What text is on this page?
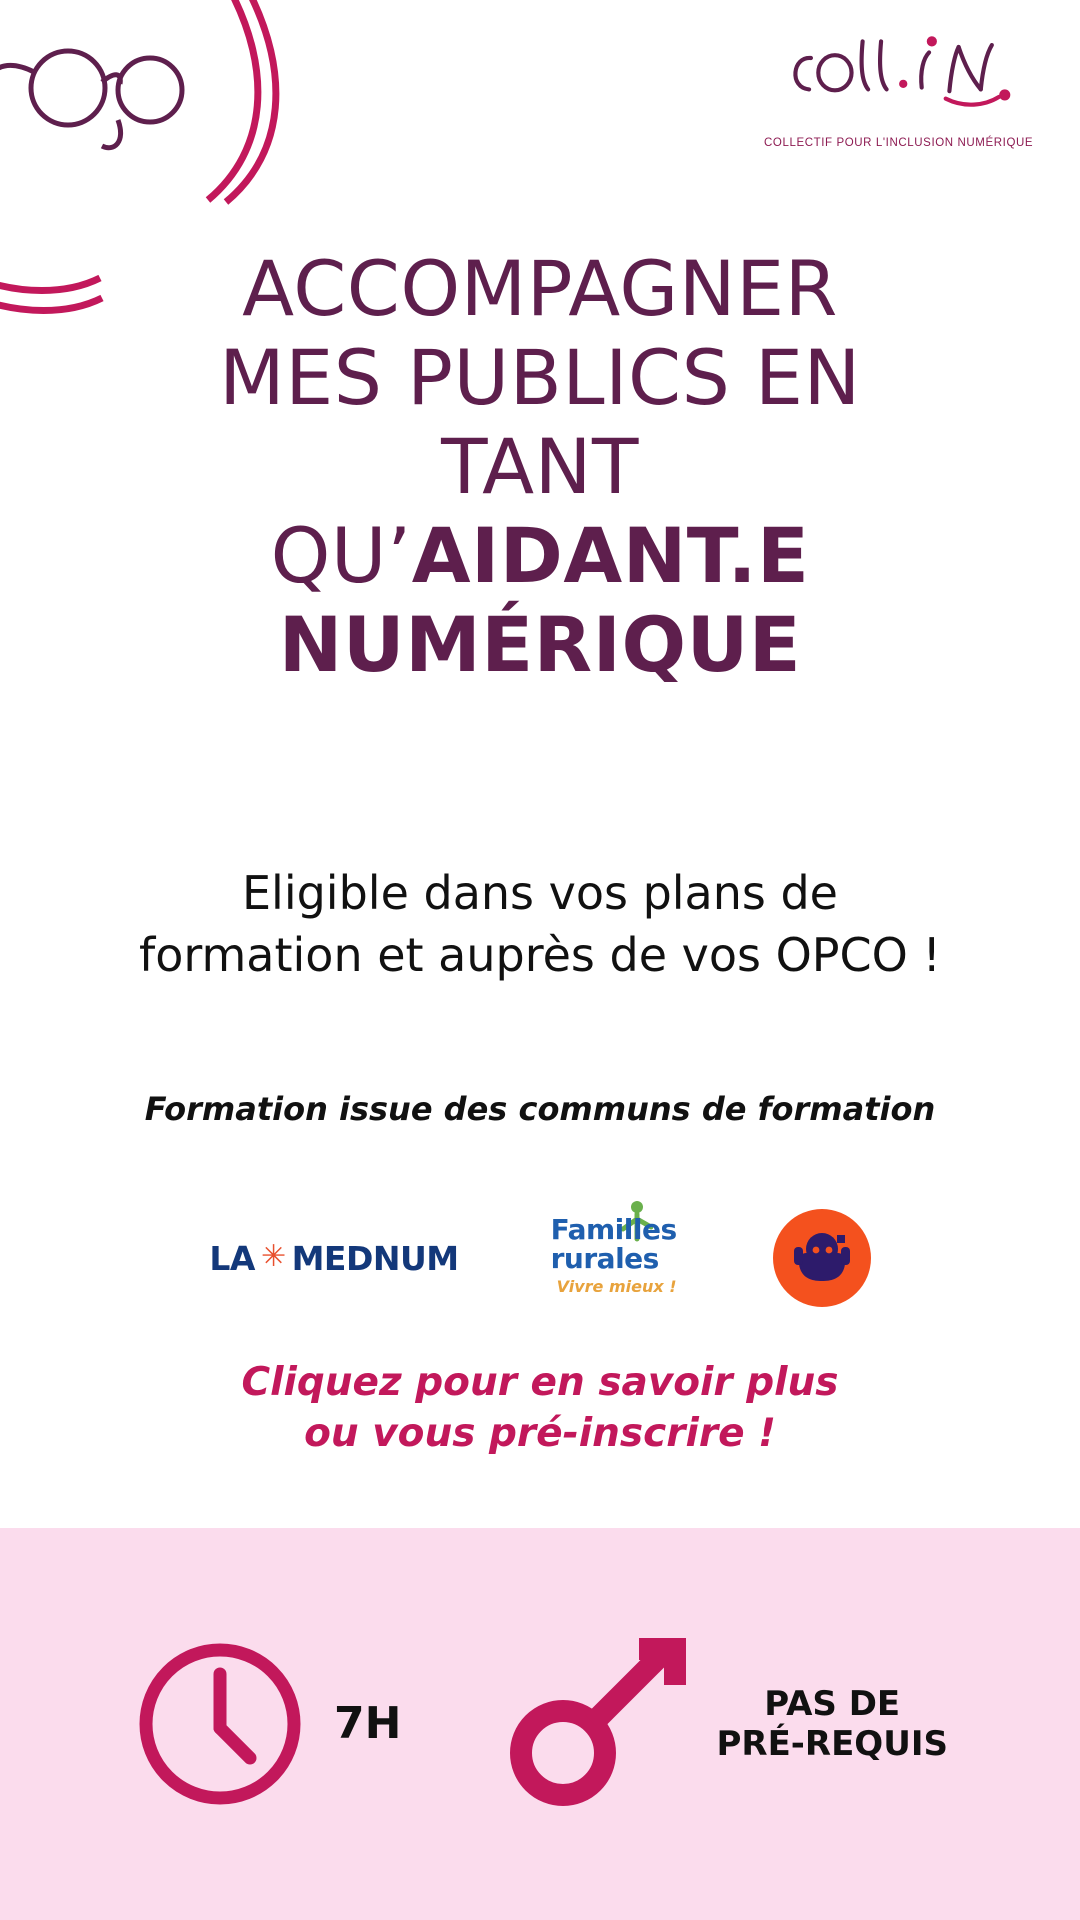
COLLECTIF POUR L'INCLUSION NUMÉRIQUE
ACCOMPAGNER
MES PUBLICS EN
TANT
QU’AIDANT.E
NUMÉRIQUE
Eligible dans vos plans de
formation et auprès de vos OPCO !
Formation issue des communs de formation
LA ✳ MEDNUM
Familles
rurales
Vivre mieux !
Cliquez pour en savoir plus
ou vous pré-inscrire !
7H	PAS DE
PRÉ-REQUIS
